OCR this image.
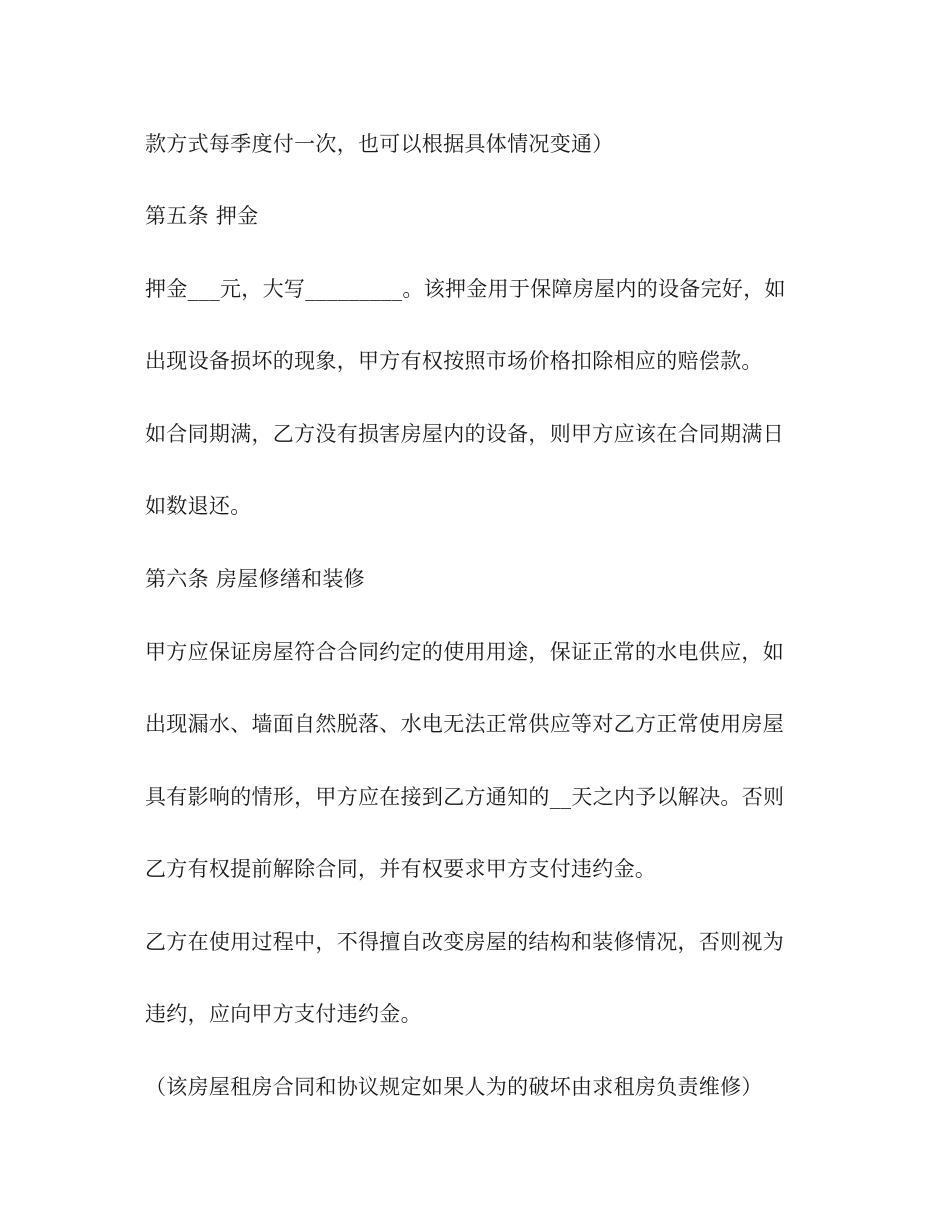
款方式每季度付一次，也可以根据具体情况变通）
第五条 押金
押金___元，大写_________。该押金用于保障房屋内的设备完好，如
出现设备损坏的现象，甲方有权按照市场价格扣除相应的赔偿款。
如合同期满，乙方没有损害房屋内的设备，则甲方应该在合同期满日
如数退还。
第六条 房屋修缮和装修
甲方应保证房屋符合合同约定的使用用途，保证正常的水电供应，如
出现漏水、墙面自然脱落、水电无法正常供应等对乙方正常使用房屋
具有影响的情形，甲方应在接到乙方通知的__天之内予以解决。否则
乙方有权提前解除合同，并有权要求甲方支付违约金。
乙方在使用过程中，不得擅自改变房屋的结构和装修情况，否则视为
违约，应向甲方支付违约金。
（该房屋租房合同和协议规定如果人为的破坏由求租房负责维修）
